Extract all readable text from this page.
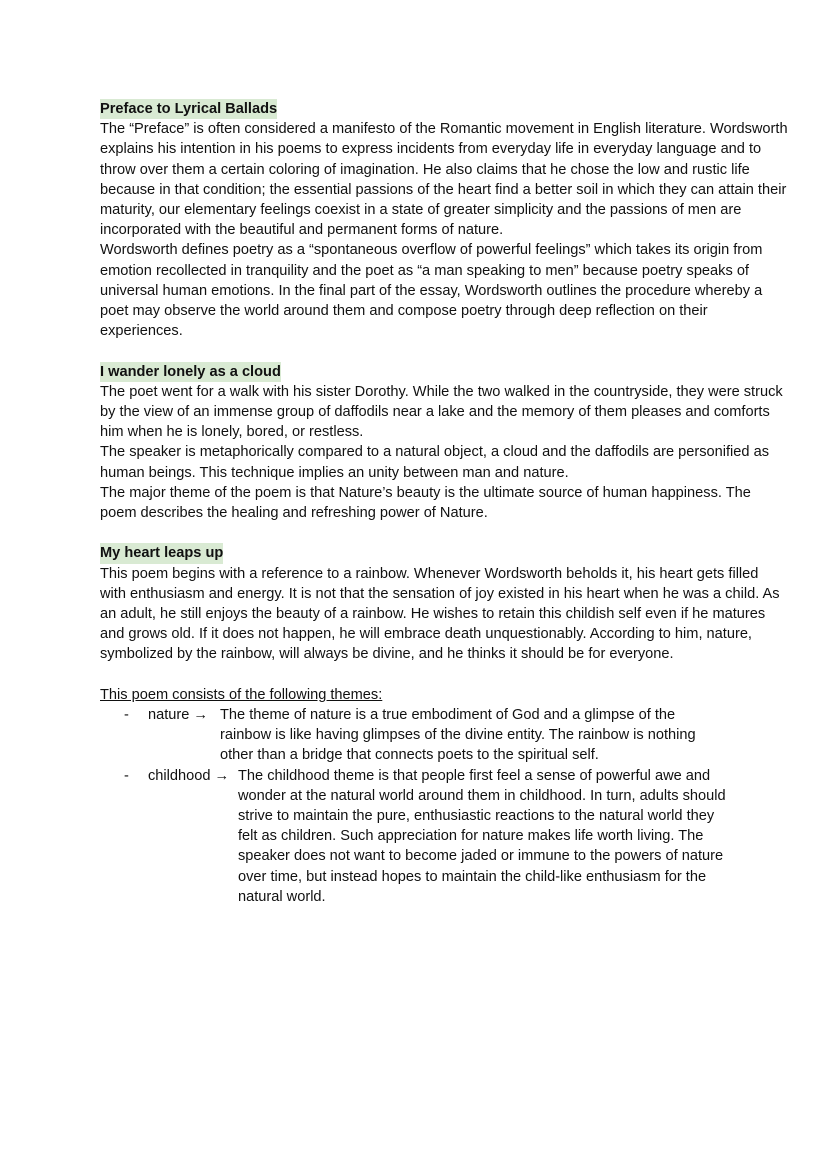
Preface to Lyrical Ballads

The “Preface” is often considered a manifesto of the Romantic movement in English literature. Wordsworth explains his intention in his poems to express incidents from everyday life in everyday language and to throw over them a certain coloring of imagination. He also claims that he chose the low and rustic life because in that condition; the essential passions of the heart find a better soil in which they can attain their maturity, our elementary feelings coexist in a state of greater simplicity and the passions of men are incorporated with the beautiful and permanent forms of nature.

Wordsworth defines poetry as a “spontaneous overflow of powerful feelings” which takes its origin from emotion recollected in tranquility and the poet as “a man speaking to men” because poetry speaks of universal human emotions. In the final part of the essay, Wordsworth outlines the procedure whereby a poet may observe the world around them and compose poetry through deep reflection on their experiences.

I wander lonely as a cloud

The poet went for a walk with his sister Dorothy. While the two walked in the countryside, they were struck by the view of an immense group of daffodils near a lake and the memory of them pleases and comforts him when he is lonely, bored, or restless.

The speaker is metaphorically compared to a natural object, a cloud and the daffodils are personified as human beings. This technique implies an unity between man and nature.

The major theme of the poem is that Nature’s beauty is the ultimate source of human happiness. The poem describes the healing and refreshing power of Nature.

My heart leaps up

This poem begins with a reference to a rainbow. Whenever Wordsworth beholds it, his heart gets filled with enthusiasm and energy. It is not that the sensation of joy existed in his heart when he was a child. As an adult, he still enjoys the beauty of a rainbow. He wishes to retain this childish self even if he matures and grows old. If it does not happen, he will embrace death unquestionably. According to him, nature, symbolized by the rainbow, will always be divine, and he thinks it should be for everyone.

This poem consists of the following themes:

-	nature → The theme of nature is a true embodiment of God and a glimpse of the rainbow is like having glimpses of the divine entity. The rainbow is nothing other than a bridge that connects poets to the spiritual self.
-	childhood → The childhood theme is that people first feel a sense of powerful awe and wonder at the natural world around them in childhood. In turn, adults should strive to maintain the pure, enthusiastic reactions to the natural world they felt as children. Such appreciation for nature makes life worth living. The speaker does not want to become jaded or immune to the powers of nature over time, but instead hopes to maintain the child-like enthusiasm for the natural world.
